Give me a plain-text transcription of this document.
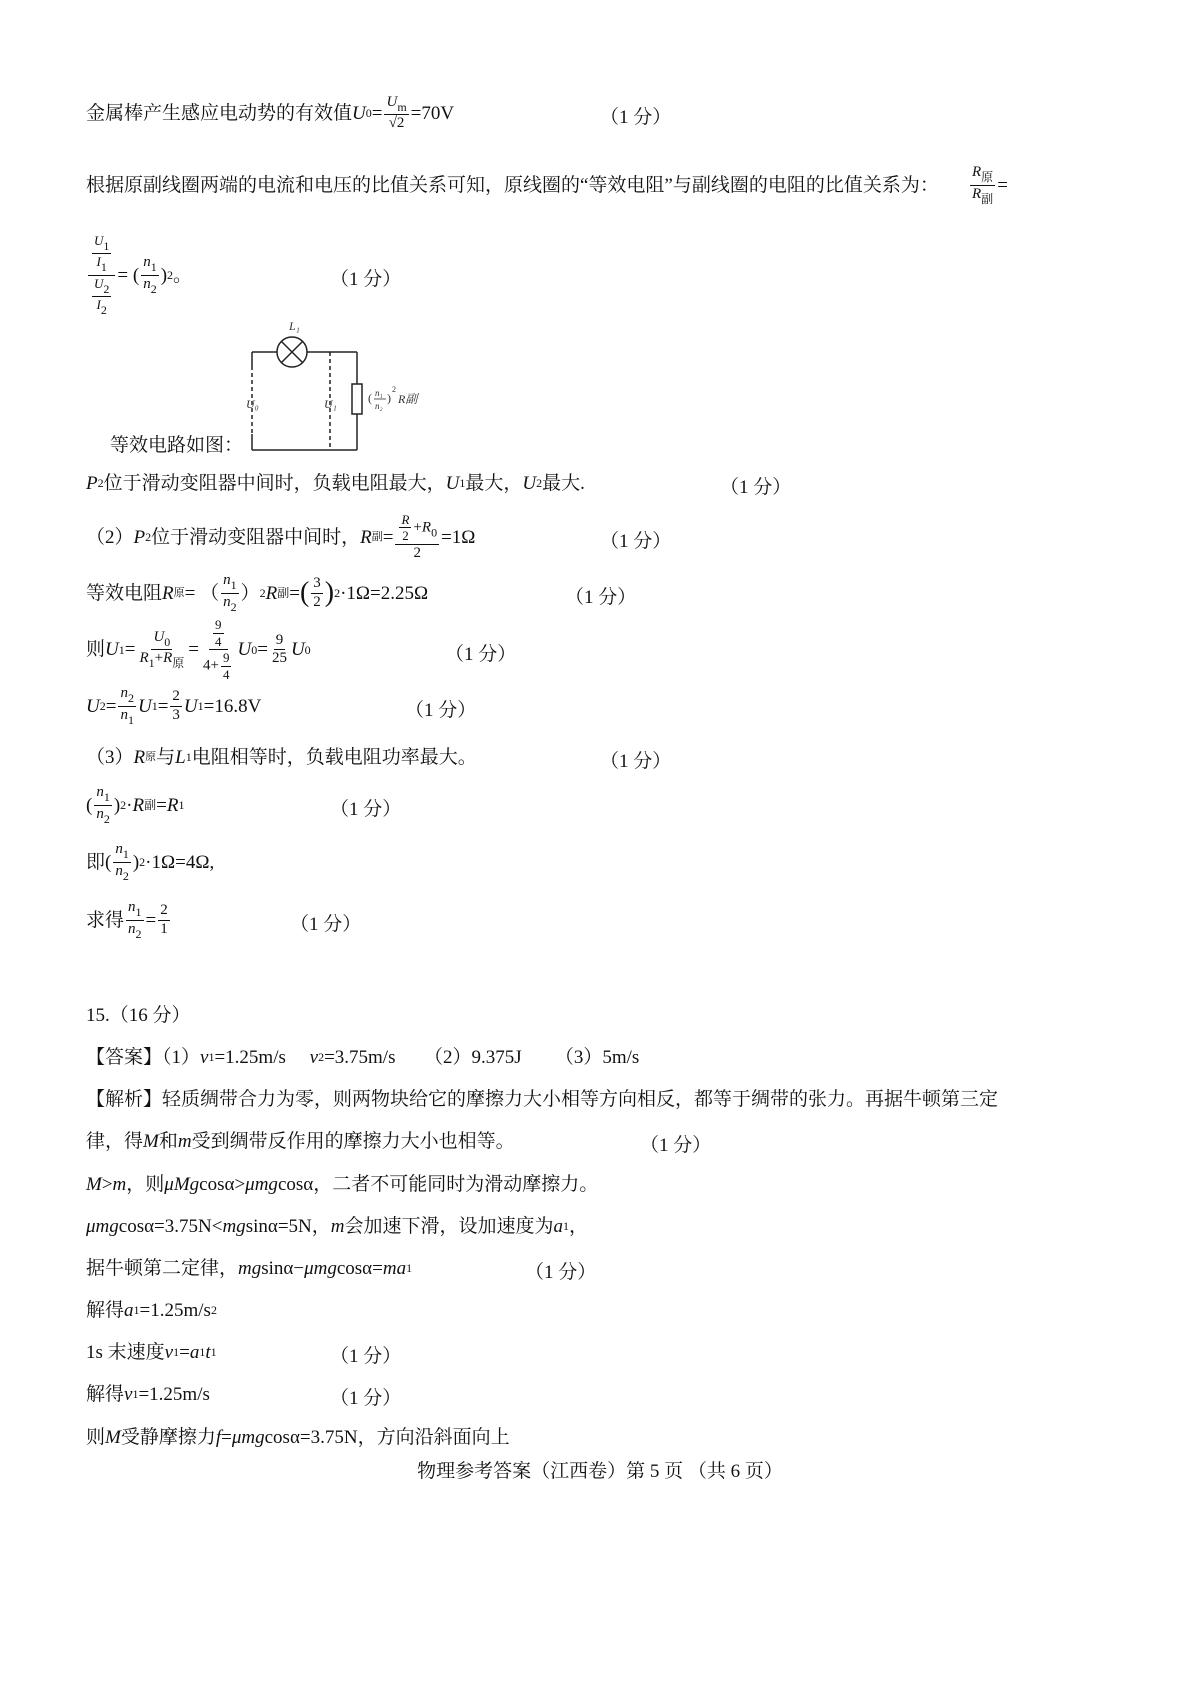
金属棒产生感应电动势的有效值 U $0 = \frac{U_m}{√2} =70V$	（1 分）
根据原副线圈两端的电流和电压的比值关系可知，原线圈的“等效电阻”与副线圈的电阻的比值关系为： $\frac{R_原}{R_副}$ =
$\frac{\frac{U1}{I1}}{\frac{U2}{I2}}$ = ( $\frac{n_1}{n_2}$ ) 2 。	（1 分）
等效电路如图：
P 2 位于滑动变阻器中间时，负载电阻最大， U 1 最大， U 2 最大.	（1 分）
（2） P 2 位于滑动变阻器中间时， R 副 = $\frac{\frac{R}{2} +R_0}{2} =1\Omega$	（1 分）
等效电阻 R 原 = （ $\frac{n_1}{n_2}$ ） 2 R 副 = ( $\frac{3}{2}$ ) 2 ·1Ω=2.25Ω	（1 分）
则 U $1 = \frac{U_0}{R_1+R_原} = \frac{\frac{9}{4}}{4+ \frac{9}{4}}$ U $0 = \frac{9}{25}$ U 0	（1 分）
U $2 = \frac{n_2}{n_1}$ U $1 = \frac{2}{3}$ U 1 =16.8V	（1 分）
（3） R 原 与 L 1 电阻相等时，负载电阻功率最大。	（1 分）
( $\frac{n_1}{n_2}$ ) 2 · R 副 = R 1	（1 分）
即( $\frac{n_1}{n_2}$ ) 2 ·1Ω=4Ω,
求得 $\frac{n_1}{n_2} = \frac{2}{1}$	（1 分）
15.（16 分）
【答案】（1） v 1 =1.25m/s v 2 =3.75m/s      （2）9.375J       （3）5m/s
【解析】轻质绸带合力为零，则两物块给它的摩擦力大小相等方向相反，都等于绸带的张力。再据牛顿第三定
律，得 M 和 m 受到绸带反作用的摩擦力大小也相等。	（1 分）
M > m ，则 μMg cosα> μmg cosα，二者不可能同时为滑动摩擦力。
μmg cosα=3.75N< mg sinα=5N， m 会加速下滑，设加速度为 a 1 ，
据牛顿第二定律， mg sinα− μmg cosα= ma 1	（1 分）
解得 a 1 =1.25m/s 2
1s 末速度 v 1 = a 1 t 1	（1 分）
解得 v 1 =1.25m/s	（1 分）
则 M 受静摩擦力 f = μmg cosα=3.75N，方向沿斜面向上
L₁
U₀	U₁	( n₁
n₂
)
2
R副
物理参考答案（江西卷）第 5 页 （共 6 页）
